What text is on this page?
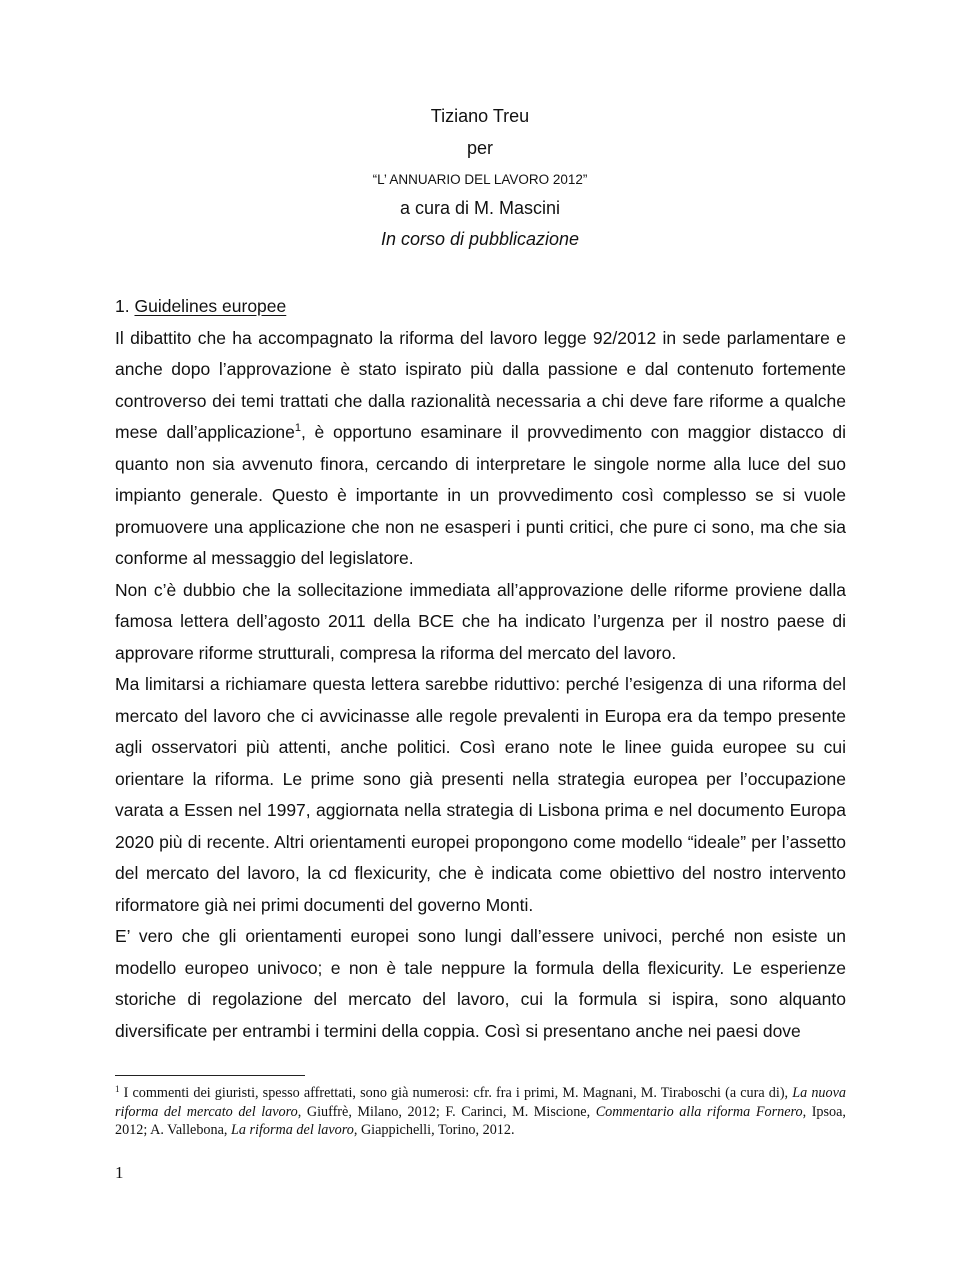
Tiziano Treu
per
“L’ ANNUARIO DEL LAVORO 2012”
a cura di M. Mascini
In corso di pubblicazione

1. Guidelines europee

Il dibattito che ha accompagnato la riforma del lavoro legge 92/2012 in sede parlamentare e anche dopo l’approvazione è stato ispirato più dalla passione e dal contenuto fortemente controverso dei temi trattati che dalla razionalità necessaria a chi deve fare riforme a qualche mese dall’applicazione$^1$, è opportuno esaminare il provvedimento con maggior distacco di quanto non sia avvenuto finora, cercando di interpretare le singole norme alla luce del suo impianto generale. Questo è importante in un provvedimento così complesso se si vuole promuovere una applicazione che non ne esasperi i punti critici, che pure ci sono, ma che sia conforme al messaggio del legislatore.

Non c’è dubbio che la sollecitazione immediata all’approvazione delle riforme proviene dalla famosa lettera dell’agosto 2011 della BCE che ha indicato l’urgenza per il nostro paese di approvare riforme strutturali, compresa la riforma del mercato del lavoro.

Ma limitarsi a richiamare questa lettera sarebbe riduttivo: perché l’esigenza di una riforma del mercato del lavoro che ci avvicinasse alle regole prevalenti in Europa era da tempo presente agli osservatori più attenti, anche politici. Così erano note le linee guida europee su cui orientare la riforma. Le prime sono già presenti nella strategia europea per l’occupazione varata a Essen nel 1997, aggiornata nella strategia di Lisbona prima e nel documento Europa 2020 più di recente. Altri orientamenti europei propongono come modello “ideale” per l’assetto del mercato del lavoro, la cd flexicurity, che è indicata come obiettivo del nostro intervento riformatore già nei primi documenti del governo Monti.

E’ vero che gli orientamenti europei sono lungi dall’essere univoci, perché non esiste un modello europeo univoco; e non è tale neppure la formula della flexicurity. Le esperienze storiche di regolazione del mercato del lavoro, cui la formula si ispira, sono alquanto diversificate per entrambi i termini della coppia. Così si presentano anche nei paesi dove

$^1$ I commenti dei giuristi, spesso affrettati, sono già numerosi: cfr. fra i primi, M. Magnani, M. Tiraboschi (a cura di), La nuova riforma del mercato del lavoro, Giuffrè, Milano, 2012; F. Carinci, M. Miscione, Commentario alla riforma Fornero, Ipsoa, 2012; A. Vallebona, La riforma del lavoro, Giappichelli, Torino, 2012.

1
